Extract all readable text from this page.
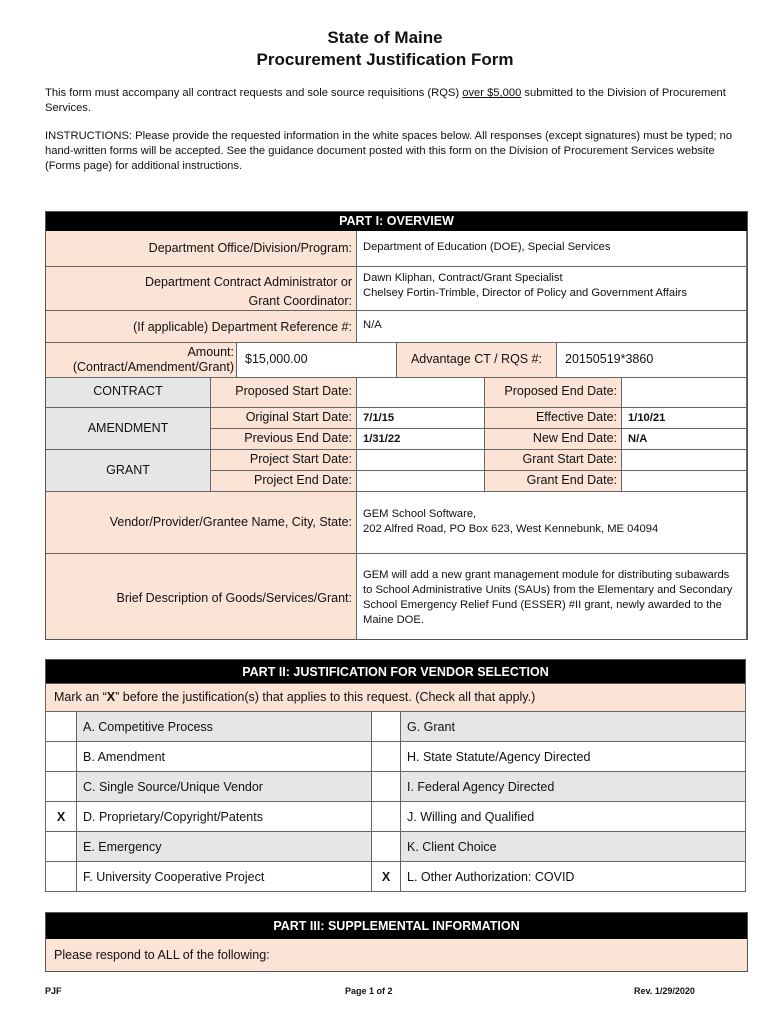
State of Maine
Procurement Justification Form
This form must accompany all contract requests and sole source requisitions (RQS) over $5,000 submitted to the Division of Procurement Services.
INSTRUCTIONS: Please provide the requested information in the white spaces below. All responses (except signatures) must be typed; no hand-written forms will be accepted. See the guidance document posted with this form on the Division of Procurement Services website (Forms page) for additional instructions.
PART I: OVERVIEW
Department Office/Division/Program: Department of Education (DOE), Special Services
Department Contract Administrator or
Grant Coordinator:
Dawn Kliphan, Contract/Grant Specialist
Chelsey Fortin-Trimble, Director of Policy and Government Affairs
(If applicable) Department Reference #: N/A
Amount:
(Contract/Amendment/Grant)
$15,000.00	Advantage CT / RQS #:	20150519*3860
CONTRACT	Proposed Start Date:	Proposed End Date:
AMENDMENT
Original Start Date: 7/1/15	Effective Date: 1/10/21
Previous End Date: 1/31/22	New End Date: N/A
GRANT
Project Start Date:	Grant Start Date:
Project End Date:	Grant End Date:
Vendor/Provider/Grantee Name, City, State:
GEM School Software,
202 Alfred Road, PO Box 623, West Kennebunk, ME 04094
Brief Description of Goods/Services/Grant:
GEM will add a new grant management module for distributing subawards to School Administrative Units (SAUs) from the Elementary and Secondary School Emergency Relief Fund (ESSER) #II grant, newly awarded to the Maine DOE.
PART II: JUSTIFICATION FOR VENDOR SELECTION
Mark an “X” before the justification(s) that applies to this request. (Check all that apply.)
	A. Competitive Process		G. Grant
	B. Amendment		H. State Statute/Agency Directed
	C. Single Source/Unique Vendor		I. Federal Agency Directed
X	D. Proprietary/Copyright/Patents		J. Willing and Qualified
	E. Emergency		K. Client Choice
	F. University Cooperative Project	X	L. Other Authorization: COVID
PART III: SUPPLEMENTAL INFORMATION
Please respond to ALL of the following:
PJF	Page 1 of 2	Rev. 1/29/2020
